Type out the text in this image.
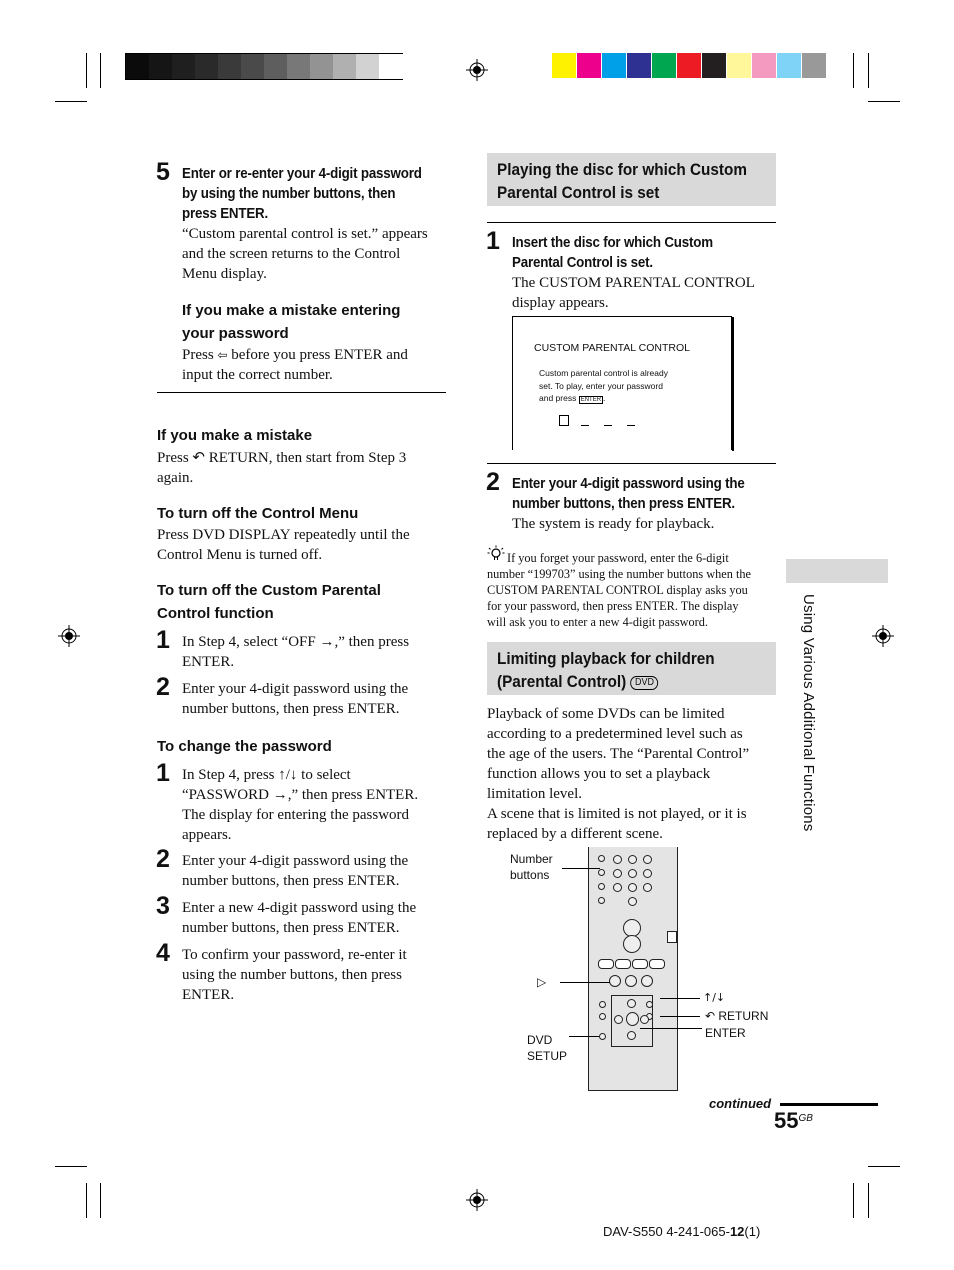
Using Various Additional Functions
5 Enter or re-enter your 4-digit password
by using the number buttons, then
press ENTER.
“Custom parental control is set.” appears
and the screen returns to the Control
Menu display.
If you make a mistake entering
your password
Press ⇦ before you press ENTER and
input the correct number.
If you make a mistake
Press ↶ RETURN, then start from Step 3
again.
To turn off the Control Menu
Press DVD DISPLAY repeatedly until the
Control Menu is turned off.
To turn off the Custom Parental
Control function
1 In Step 4, select “OFF →,” then press
ENTER.
2 Enter your 4-digit password using the
number buttons, then press ENTER.
To change the password
1 In Step 4, press ↑/↓ to select
“PASSWORD →,” then press ENTER.
The display for entering the password
appears.
2 Enter your 4-digit password using the
number buttons, then press ENTER.
3 Enter a new 4-digit password using the
number buttons, then press ENTER.
4 To confirm your password, re-enter it
using the number buttons, then press
ENTER.
Playing the disc for which Custom
Parental Control is set
1 Insert the disc for which Custom
Parental Control is set.
The CUSTOM PARENTAL CONTROL
display appears.
CUSTOM PARENTAL CONTROL
Custom parental control is already
set. To play, enter your password
and press ENTER .
2 Enter your 4-digit password using the
number buttons, then press ENTER.
The system is ready for playback.
If you forget your password, enter the 6-digit
number “199703” using the number buttons when the
CUSTOM PARENTAL CONTROL display asks you
for your password, then press ENTER. The display
will ask you to enter a new 4-digit password.
Limiting playback for children
(Parental Control) DVD
Playback of some DVDs can be limited
according to a predetermined level such as
the age of the users. The “Parental Control”
function allows you to set a playback
limitation level.
A scene that is limited is not played, or it is
replaced by a different scene.
Number
buttons
▷
DVD
SETUP
↑/↓
↶ RETURN
ENTER
continued
$55^{GB}$
DAV-S550 4-241-065-12(1)
